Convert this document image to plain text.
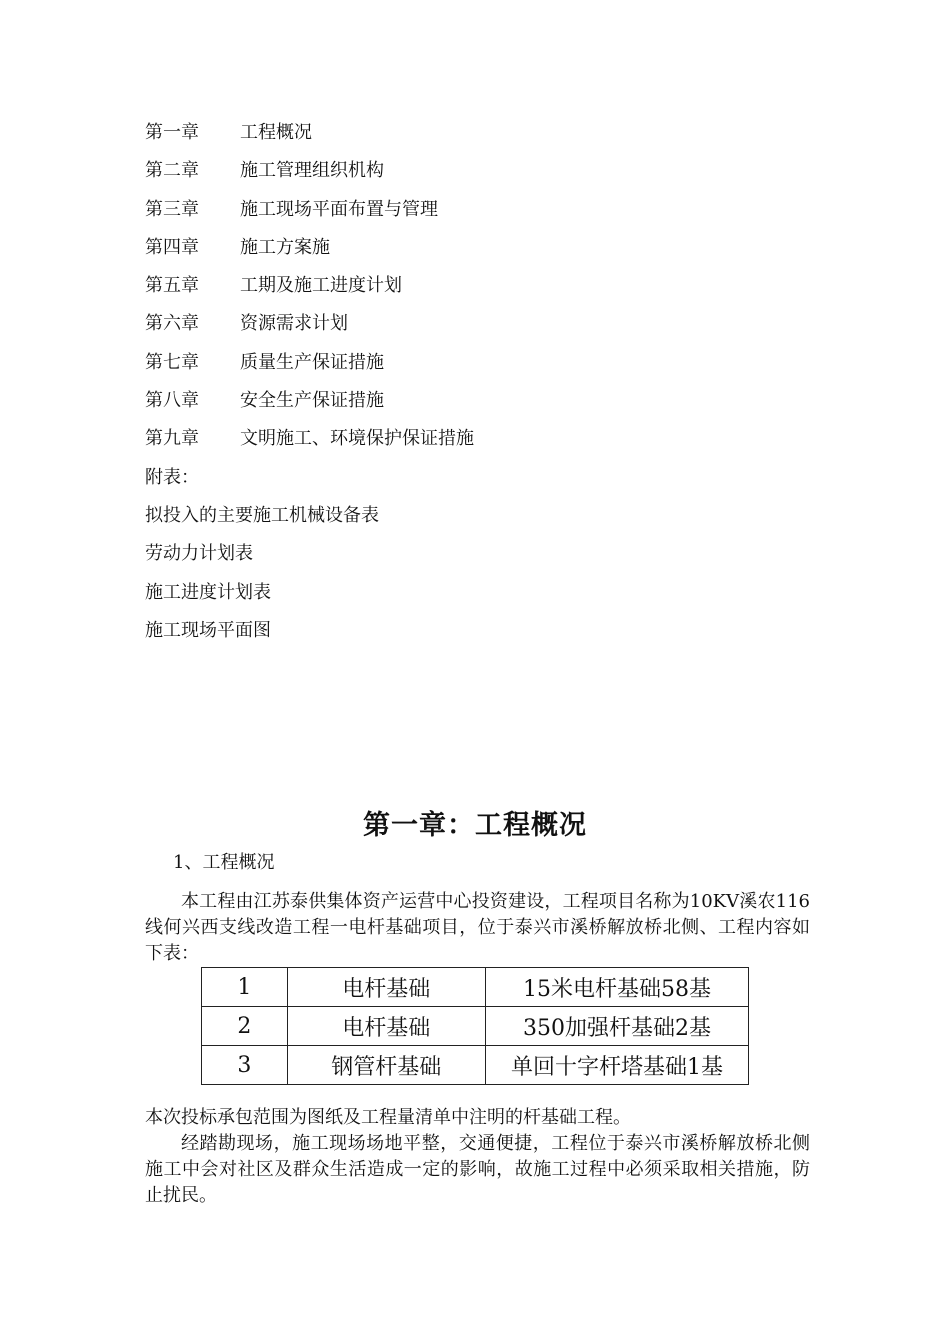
第一章 工程概况
第二章 施工管理组织机构
第三章 施工现场平面布置与管理
第四章 施工方案施
第五章 工期及施工进度计划
第六章 资源需求计划
第七章 质量生产保证措施
第八章 安全生产保证措施
第九章 文明施工、环境保护保证措施
附表：
拟投入的主要施工机械设备表
劳动力计划表
施工进度计划表
施工现场平面图
第一章：工程概况
1、工程概况

本工程由江苏泰供集体资产运营中心投资建设，工程项目名称为10KV溪农116线何兴西支线改造工程一电杆基础项目，位于泰兴市溪桥解放桥北侧、工程内容如下表：

1	电杆基础	15米电杆基础58基
2	电杆基础	350加强杆基础2基
3	钢管杆基础	单回十字杆塔基础1基

本次投标承包范围为图纸及工程量清单中注明的杆基础工程。

经踏勘现场，施工现场场地平整，交通便捷，工程位于泰兴市溪桥解放桥北侧施工中会对社区及群众生活造成一定的影响，故施工过程中必须采取相关措施，防止扰民。
